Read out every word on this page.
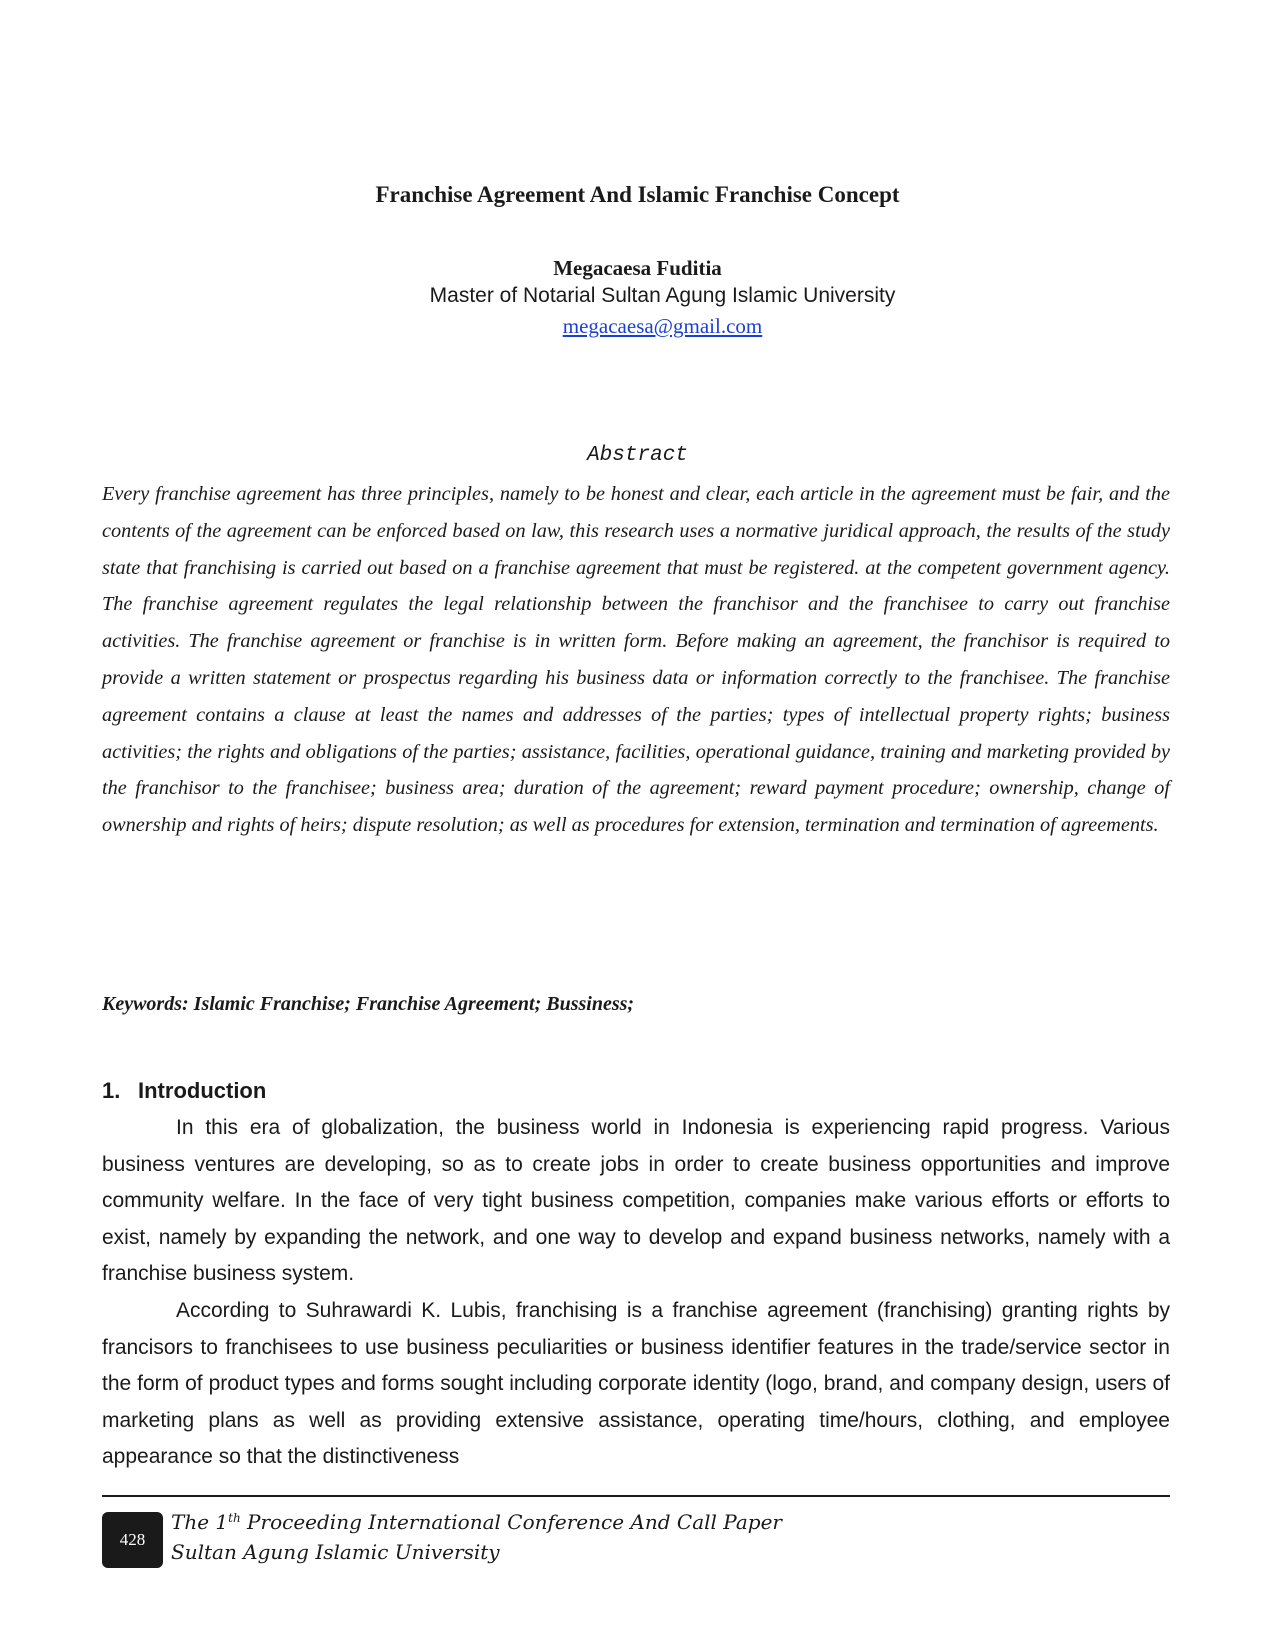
Franchise Agreement And Islamic Franchise Concept
Megacaesa Fuditia
Master of Notarial Sultan Agung Islamic University
megacaesa@gmail.com
Abstract

Every franchise agreement has three principles, namely to be honest and clear, each article in the agreement must be fair, and the contents of the agreement can be enforced based on law, this research uses a normative juridical approach, the results of the study state that franchising is carried out based on a franchise agreement that must be registered. at the competent government agency. The franchise agreement regulates the legal relationship between the franchisor and the franchisee to carry out franchise activities. The franchise agreement or franchise is in written form. Before making an agreement, the franchisor is required to provide a written statement or prospectus regarding his business data or information correctly to the franchisee. The franchise agreement contains a clause at least the names and addresses of the parties; types of intellectual property rights; business activities; the rights and obligations of the parties; assistance, facilities, operational guidance, training and marketing provided by the franchisor to the franchisee; business area; duration of the agreement; reward payment procedure; ownership, change of ownership and rights of heirs; dispute resolution; as well as procedures for extension, termination and termination of agreements.

Keywords: Islamic Franchise; Franchise Agreement; Bussiness;

1. Introduction

In this era of globalization, the business world in Indonesia is experiencing rapid progress. Various business ventures are developing, so as to create jobs in order to create business opportunities and improve community welfare. In the face of very tight business competition, companies make various efforts or efforts to exist, namely by expanding the network, and one way to develop and expand business networks, namely with a franchise business system.

According to Suhrawardi K. Lubis, franchising is a franchise agreement (franchising) granting rights by francisors to franchisees to use business peculiarities or business identifier features in the trade/service sector in the form of product types and forms sought including corporate identity (logo, brand, and company design, users of marketing plans as well as providing extensive assistance, operating time/hours, clothing, and employee appearance so that the distinctiveness

428
The 1th Proceeding International Conference And Call Paper
Sultan Agung Islamic University
